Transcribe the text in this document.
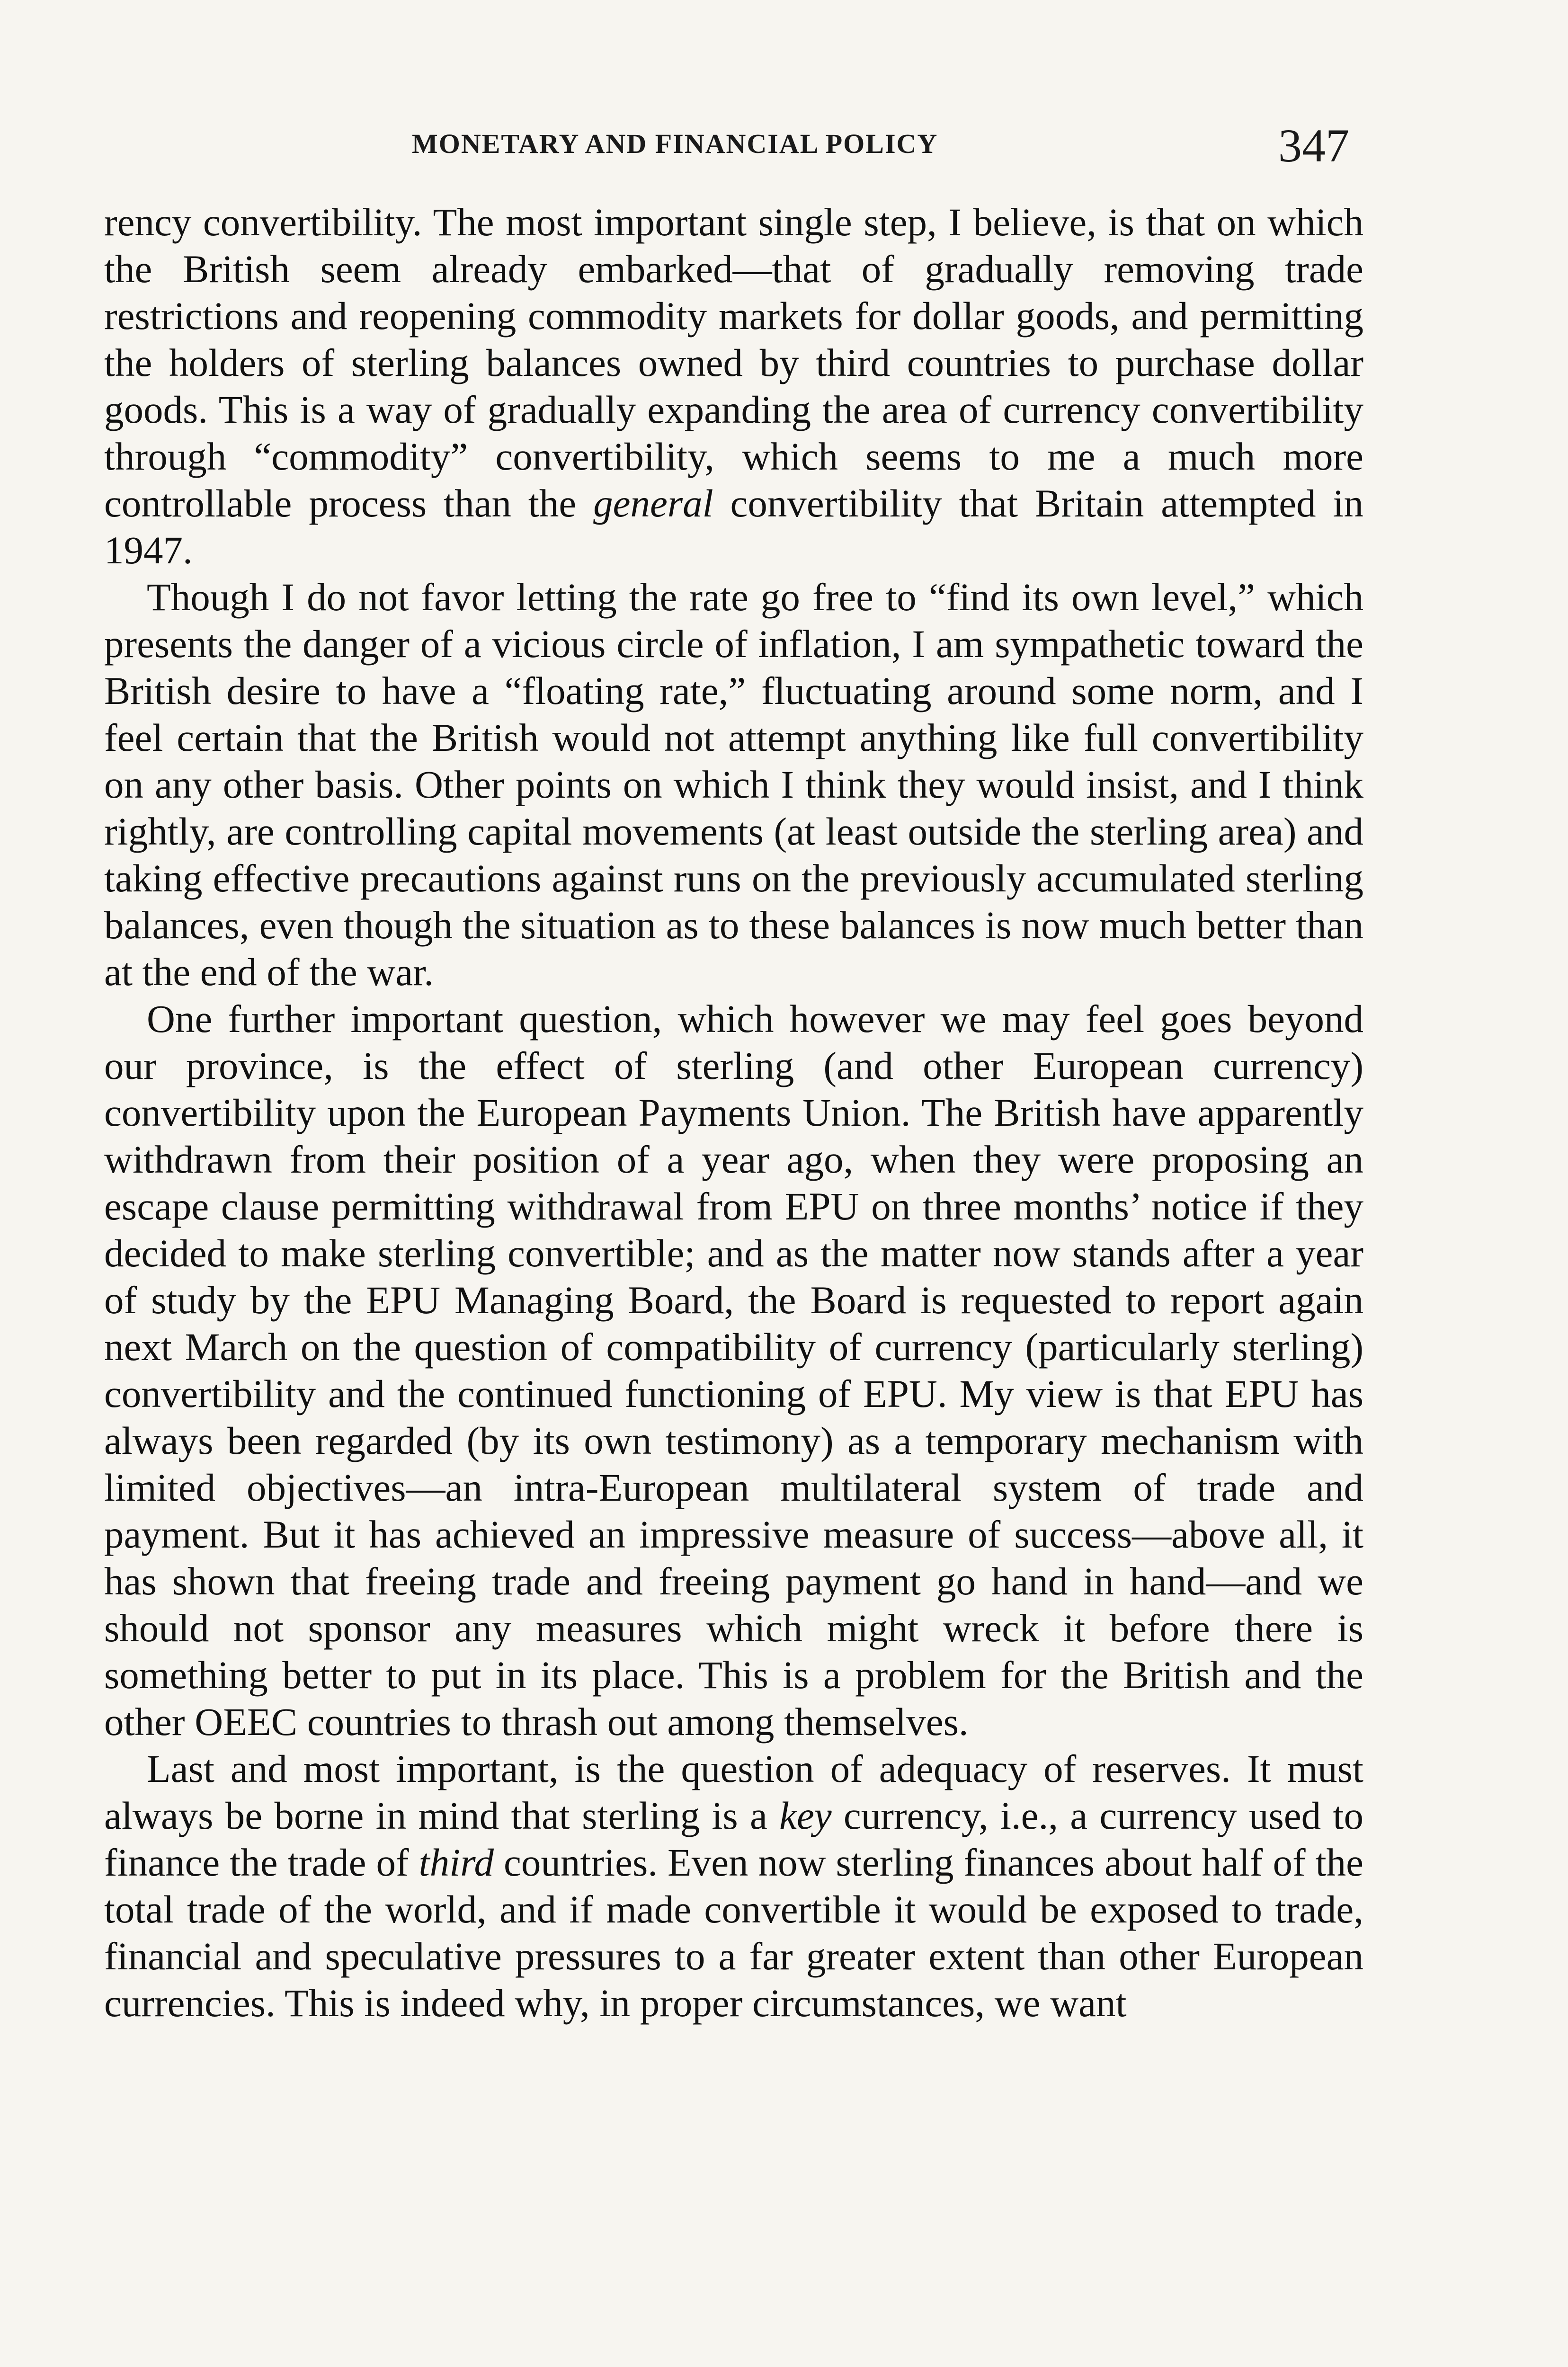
MONETARY AND FINANCIAL POLICY	347

rency convertibility. The most important single step, I believe, is that on which the British seem already embarked—that of gradually removing trade restrictions and reopening commodity markets for dollar goods, and permitting the holders of sterling balances owned by third countries to purchase dollar goods. This is a way of gradually expanding the area of currency convertibility through “commodity” convertibility, which seems to me a much more controllable process than the general convertibility that Britain attempted in 1947.

Though I do not favor letting the rate go free to “find its own level,” which presents the danger of a vicious circle of inflation, I am sympathetic toward the British desire to have a “floating rate,” fluctuating around some norm, and I feel certain that the British would not attempt anything like full convertibility on any other basis. Other points on which I think they would insist, and I think rightly, are controlling capital movements (at least outside the sterling area) and taking effective precautions against runs on the previously accumulated sterling balances, even though the situation as to these balances is now much better than at the end of the war.

One further important question, which however we may feel goes beyond our province, is the effect of sterling (and other European currency) convertibility upon the European Payments Union. The British have apparently withdrawn from their position of a year ago, when they were proposing an escape clause permitting withdrawal from EPU on three months’ notice if they decided to make sterling convertible; and as the matter now stands after a year of study by the EPU Managing Board, the Board is requested to report again next March on the question of compatibility of currency (particularly sterling) convertibility and the continued functioning of EPU. My view is that EPU has always been regarded (by its own testimony) as a temporary mechanism with limited objectives—an intra-European multilateral system of trade and payment. But it has achieved an impressive measure of success—above all, it has shown that freeing trade and freeing payment go hand in hand—and we should not sponsor any measures which might wreck it before there is something better to put in its place. This is a problem for the British and the other OEEC countries to thrash out among themselves.

Last and most important, is the question of adequacy of reserves. It must always be borne in mind that sterling is a key currency, i.e., a currency used to finance the trade of third countries. Even now sterling finances about half of the total trade of the world, and if made convertible it would be exposed to trade, financial and speculative pressures to a far greater extent than other European currencies. This is indeed why, in proper circumstances, we want
